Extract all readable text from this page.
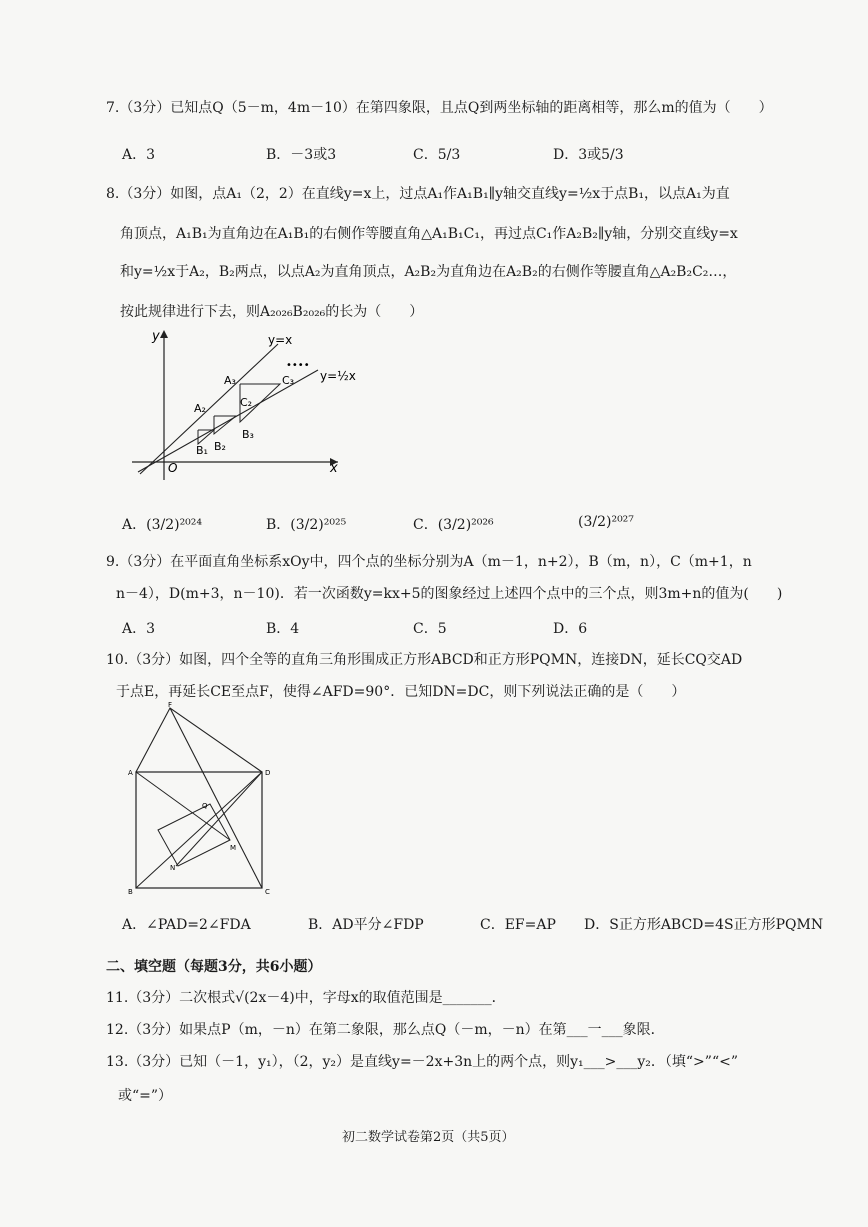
7.（3分）已知点Q（5－m，4m－10）在第四象限，且点Q到两坐标轴的距离相等，那么m的值为（　　）
A．3	B．－3或3	C．5/3	D．3或5/3
8.（3分）如图，点A₁（2，2）在直线y=x上，过点A₁作A₁B₁∥y轴交直线y=½x于点B₁，以点A₁为直
角顶点，A₁B₁为直角边在A₁B₁的右侧作等腰直角△A₁B₁C₁，再过点C₁作A₂B₂∥y轴，分别交直线y=x
和y=½x于A₂，B₂两点，以点A₂为直角顶点，A₂B₂为直角边在A₂B₂的右侧作等腰直角△A₂B₂C₂…，
按此规律进行下去，则A₂₀₂₆B₂₀₂₆的长为（　　）
y
x
O
y=x
y=½x
••••
A₂
A₃
B₁ B₂
B₃
C₂
C₃
A．(3/2)²⁰²⁴	B．(3/2)²⁰²⁵	C．(3/2)²⁰²⁶	(3/2)²⁰²⁷
9.（3分）在平面直角坐标系xOy中，四个点的坐标分别为A（m－1，n+2），B（m，n），C（m+1，n
n－4），D(m+3，n－10)．若一次函数y=kx+5的图象经过上述四个点中的三个点，则3m+n的值为(　　)
A．3	B．4	C．5	D．6
10.（3分）如图，四个全等的直角三角形围成正方形ABCD和正方形PQMN，连接DN，延长CQ交AD
于点E，再延长CE至点F，使得∠AFD=90°．已知DN=DC，则下列说法正确的是（　　）
F
A	D
B	C
Q
N
M
A．∠PAD=2∠FDA	B．AD平分∠FDP	C．EF=AP D．S正方形ABCD=4S正方形PQMN
二、填空题（每题3分，共6小题）
11.（3分）二次根式√(2x－4)中，字母x的取值范围是_______．
12.（3分）如果点P（m，－n）在第二象限，那么点Q（－m，－n）在第___一___象限．
13.（3分）已知（－1，y₁），（2，y₂）是直线y=－2x+3n上的两个点，则y₁___>___y₂．（填“>”“<”
或“=”）
初二数学试卷第2页（共5页）
